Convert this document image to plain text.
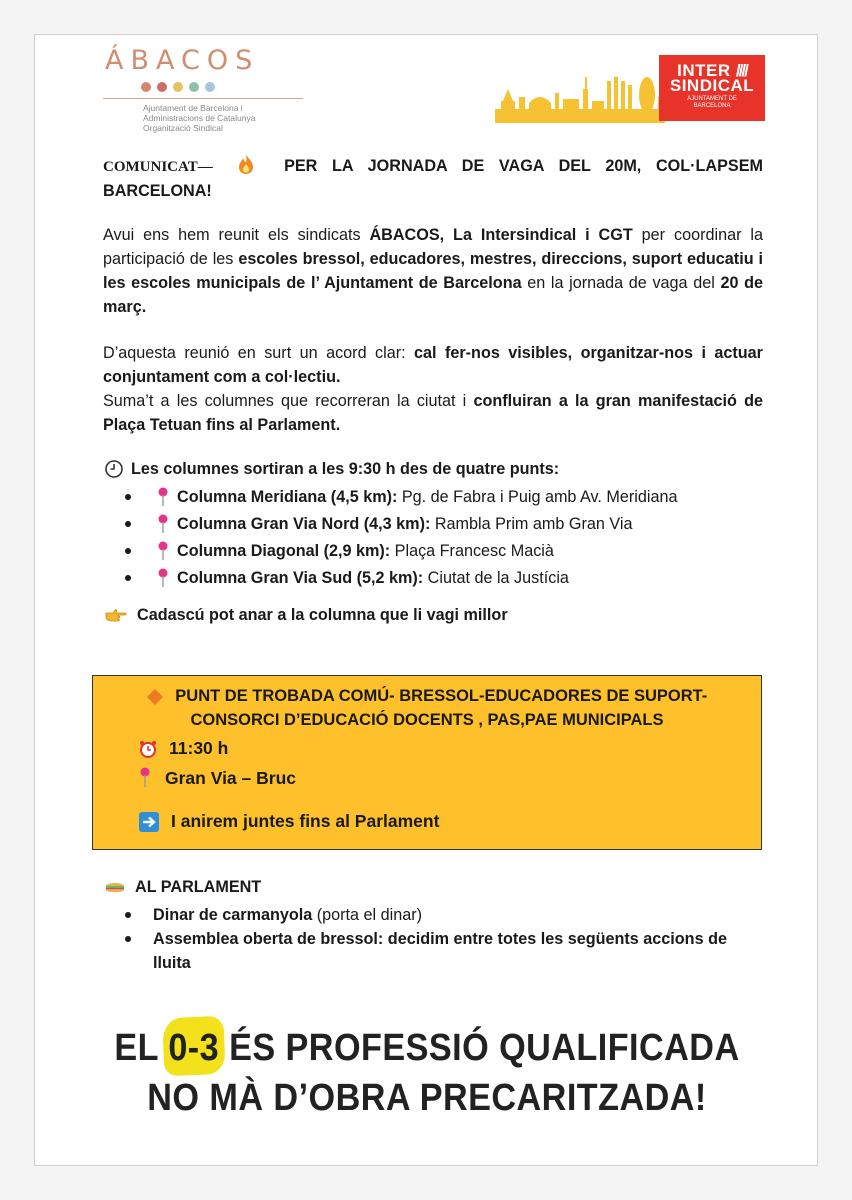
ÁBACOS
Ajuntament de Barcelona i
Administracions de Catalunya
Organització Sindical
INTER ////
SINDICAL
AJUNTAMENT DE
BARCELONA

COMUNICAT—	PER LA JORNADA DE VAGA DEL 20M, COL·LAPSEM BARCELONA!

Avui ens hem reunit els sindicats ÁBACOS, La Intersindical i CGT per coordinar la participació de les escoles bressol, educadores, mestres, direccions, suport educatiu i les escoles municipals de l’ Ajuntament de Barcelona en la jornada de vaga del 20 de març.

D’aquesta reunió en surt un acord clar: cal fer-nos visibles, organitzar-nos i actuar conjuntament com a col·lectiu.

Suma’t a les columnes que recorreran la ciutat i confluiran a la gran manifestació de Plaça Tetuan fins al Parlament.

Les columnes sortiran a les 9:30 h des de quatre punts:
Columna Meridiana (4,5 km): Pg. de Fabra i Puig amb Av. Meridiana
Columna Gran Via Nord (4,3 km): Rambla Prim amb Gran Via
Columna Diagonal (2,9 km): Plaça Francesc Macià
Columna Gran Via Sud (5,2 km): Ciutat de la Justícia
Cadascú pot anar a la columna que li vagi millor
PUNT DE TROBADA COMÚ- BRESSOL-EDUCADORES DE SUPORT-
CONSORCI D’EDUCACIÓ DOCENTS , PAS,PAE MUNICIPALS
11:30 h
Gran Via – Bruc
I anirem juntes fins al Parlament
AL PARLAMENT
Dinar de carmanyola (porta el dinar)
Assemblea oberta de bressol: decidim entre totes les següents accions de lluita
EL 0-3 ÉS PROFESSIÓ QUALIFICADA
NO MÀ D’OBRA PRECARITZADA!
